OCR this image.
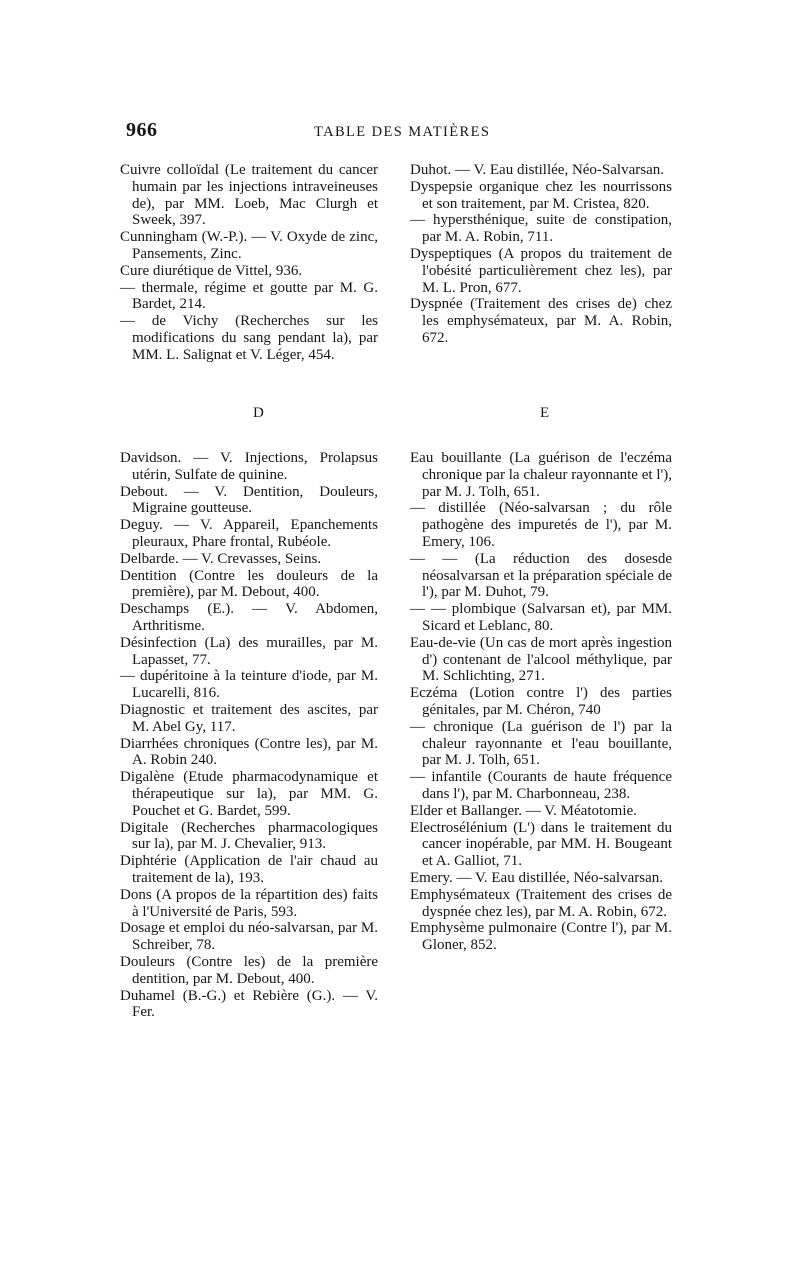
966	TABLE DES MATIÈRES

Cuivre colloïdal (Le traitement du cancer humain par les injections intraveineuses de), par MM. Loeb, Mac Clurgh et Sweek, 397.

Cunningham (W.-P.). — V. Oxyde de zinc, Pansements, Zinc.

Cure diurétique de Vittel, 936.

— thermale, régime et goutte par M. G. Bardet, 214.

— de Vichy (Recherches sur les modifications du sang pendant la), par MM. L. Salignat et V. Léger, 454.

Duhot. — V. Eau distillée, Néo-Salvarsan.

Dyspepsie organique chez les nourrissons et son traitement, par M. Cristea, 820.

— hypersthénique, suite de constipation, par M. A. Robin, 711.

Dyspeptiques (A propos du traitement de l'obésité particulièrement chez les), par M. L. Pron, 677.

Dyspnée (Traitement des crises de) chez les emphysémateux, par M. A. Robin, 672.

D	E

Davidson. — V. Injections, Prolapsus utérin, Sulfate de quinine.

Debout. — V. Dentition, Douleurs, Migraine goutteuse.

Deguy. — V. Appareil, Epanchements pleuraux, Phare frontal, Rubéole.

Delbarde. — V. Crevasses, Seins.

Dentition (Contre les douleurs de la première), par M. Debout, 400.

Deschamps (E.). — V. Abdomen, Arthritisme.

Désinfection (La) des murailles, par M. Lapasset, 77.

— dupéritoine à la teinture d'iode, par M. Lucarelli, 816.

Diagnostic et traitement des ascites, par M. Abel Gy, 117.

Diarrhées chroniques (Contre les), par M. A. Robin 240.

Digalène (Etude pharmacodynamique et thérapeutique sur la), par MM. G. Pouchet et G. Bardet, 599.

Digitale (Recherches pharmacologiques sur la), par M. J. Chevalier, 913.

Diphtérie (Application de l'air chaud au traitement de la), 193.

Dons (A propos de la répartition des) faits à l'Université de Paris, 593.

Dosage et emploi du néo-salvarsan, par M. Schreiber, 78.

Douleurs (Contre les) de la première dentition, par M. Debout, 400.

Duhamel (B.-G.) et Rebière (G.). — V. Fer.

Eau bouillante (La guérison de l'eczéma chronique par la chaleur rayonnante et l'), par M. J. Tolh, 651.

— distillée (Néo-salvarsan ; du rôle pathogène des impuretés de l'), par M. Emery, 106.

— — (La réduction des dosesde néosalvarsan et la préparation spéciale de l'), par M. Duhot, 79.

— — plombique (Salvarsan et), par MM. Sicard et Leblanc, 80.

Eau-de-vie (Un cas de mort après ingestion d') contenant de l'alcool méthylique, par M. Schlichting, 271.

Eczéma (Lotion contre l') des parties génitales, par M. Chéron, 740

— chronique (La guérison de l') par la chaleur rayonnante et l'eau bouillante, par M. J. Tolh, 651.

— infantile (Courants de haute fréquence dans l'), par M. Charbonneau, 238.

Elder et Ballanger. — V. Méatotomie.

Electrosélénium (L') dans le traitement du cancer inopérable, par MM. H. Bougeant et A. Galliot, 71.

Emery. — V. Eau distillée, Néo-salvarsan.

Emphysémateux (Traitement des crises de dyspnée chez les), par M. A. Robin, 672.

Emphysème pulmonaire (Contre l'), par M. Gloner, 852.
